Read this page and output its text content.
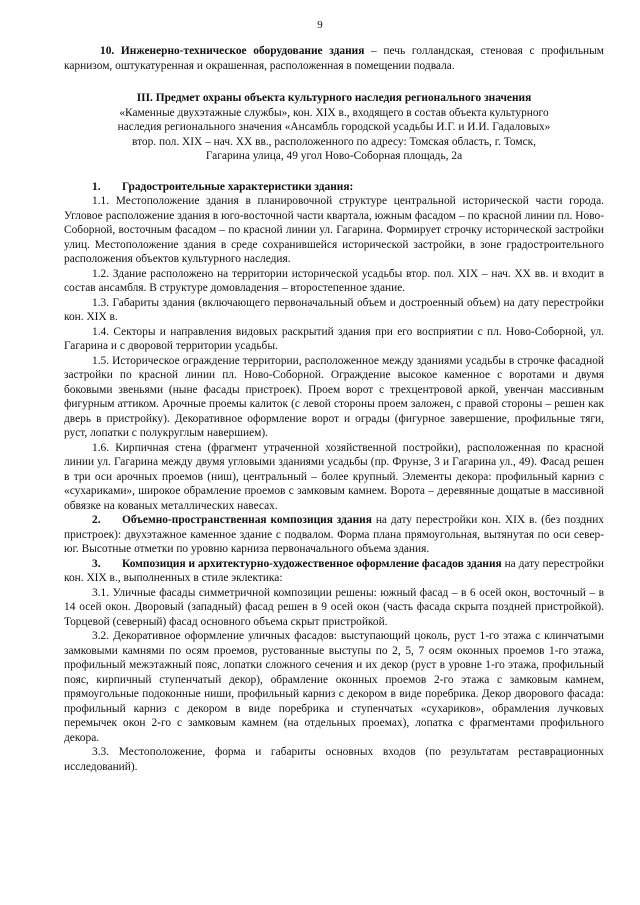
9

10. Инженерно-техническое оборудование здания – печь голландская, стеновая с профильным карнизом, оштукатуренная и окрашенная, расположенная в помещении подвала.

III. Предмет охраны объекта культурного наследия регионального значения
«Каменные двухэтажные службы», кон. XIX в., входящего в состав объекта культурного
наследия регионального значения «Ансамбль городской усадьбы И.Г. и И.И. Гадаловых»
втор. пол. XIX – нач. XX вв., расположенного по адресу: Томская область, г. Томск,
Гагарина улица, 49 угол Ново-Соборная площадь, 2а

1. Градостроительные характеристики здания:

1.1. Местоположение здания в планировочной структуре центральной исторической части города. Угловое расположение здания в юго-восточной части квартала, южным фасадом – по красной линии пл. Ново-Соборной, восточным фасадом – по красной линии ул. Гагарина. Формирует строчку исторической застройки улиц. Местоположение здания в среде сохранившейся исторической застройки, в зоне градостроительного расположения объектов культурного наследия.

1.2. Здание расположено на территории исторической усадьбы втор. пол. XIX – нач. XX вв. и входит в состав ансамбля. В структуре домовладения – второстепенное здание.

1.3. Габариты здания (включающего первоначальный объем и достроенный объем) на дату перестройки кон. XIX в.

1.4. Секторы и направления видовых раскрытий здания при его восприятии с пл. Ново-Соборной, ул. Гагарина и с дворовой территории усадьбы.

1.5. Историческое ограждение территории, расположенное между зданиями усадьбы в строчке фасадной застройки по красной линии пл. Ново-Соборной. Ограждение высокое каменное с воротами и двумя боковыми звеньями (ныне фасады пристроек). Проем ворот с трехцентровой аркой, увенчан массивным фигурным аттиком. Арочные проемы калиток (с левой стороны проем заложен, с правой стороны – решен как дверь в пристройку). Декоративное оформление ворот и ограды (фигурное завершение, профильные тяги, руст, лопатки с полукруглым навершием).

1.6. Кирпичная стена (фрагмент утраченной хозяйственной постройки), расположенная по красной линии ул. Гагарина между двумя угловыми зданиями усадьбы (пр. Фрунзе, 3 и Гагарина ул., 49). Фасад решен в три оси арочных проемов (ниш), центральный – более крупный. Элементы декора: профильный карниз с «сухариками», широкое обрамление проемов с замковым камнем. Ворота – деревянные дощатые в массивной обвязке на кованых металлических навесах.

2. Объемно-пространственная композиция здания на дату перестройки кон. XIX в. (без поздних пристроек): двухэтажное каменное здание с подвалом. Форма плана прямоугольная, вытянутая по оси север-юг. Высотные отметки по уровню карниза первоначального объема здания.

3. Композиция и архитектурно-художественное оформление фасадов здания на дату перестройки кон. XIX в., выполненных в стиле эклектика:

3.1. Уличные фасады симметричной композиции решены: южный фасад – в 6 осей окон, восточный – в 14 осей окон. Дворовый (западный) фасад решен в 9 осей окон (часть фасада скрыта поздней пристройкой). Торцевой (северный) фасад основного объема скрыт пристройкой.

3.2. Декоративное оформление уличных фасадов: выступающий цоколь, руст 1-го этажа с клинчатыми замковыми камнями по осям проемов, рустованные выступы по 2, 5, 7 осям оконных проемов 1-го этажа, профильный межэтажный пояс, лопатки сложного сечения и их декор (руст в уровне 1-го этажа, профильный пояс, кирпичный ступенчатый декор), обрамление оконных проемов 2-го этажа с замковым камнем, прямоугольные подоконные ниши, профильный карниз с декором в виде поребрика. Декор дворового фасада: профильный карниз с декором в виде поребрика и ступенчатых «сухариков», обрамления лучковых перемычек окон 2-го с замковым камнем (на отдельных проемах), лопатка с фрагментами профильного декора.

3.3. Местоположение, форма и габариты основных входов (по результатам реставрационных исследований).
